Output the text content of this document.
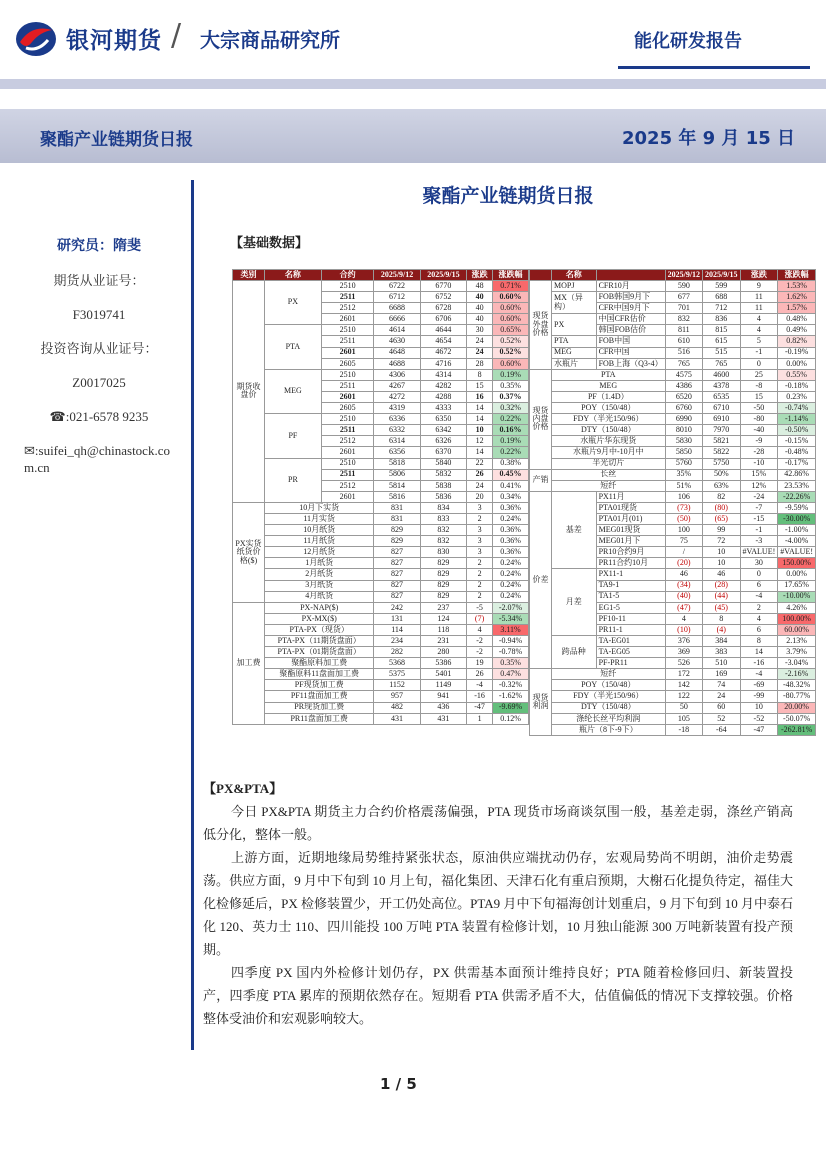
银河期货 / 大宗商品研究所	能化研发报告
聚酯产业链期货日报	2025 年 9 月 15 日
研究员：隋斐
期货从业证号：
F3019741
投资咨询从业证号：
Z0017025
☎:021-6578 9235
✉:suifei_qh@chinastock.com.cn
聚酯产业链期货日报
【基础数据】
类别	名称	合约	2025/9/12	2025/9/15	涨跌	涨跌幅
期货收盘价	PX	2510	6722	6770	48	0.71%
		2511	6712	6752	40	0.60%
		2512	6688	6728	40	0.60%
		2601	6666	6706	40	0.60%
	PTA	2510	4614	4644	30	0.65%
		2511	4630	4654	24	0.52%
		2601	4648	4672	24	0.52%
		2605	4688	4716	28	0.60%
	MEG	2510	4306	4314	8	0.19%
		2511	4267	4282	15	0.35%
		2601	4272	4288	16	0.37%
		2605	4319	4333	14	0.32%
	PF	2510	6336	6350	14	0.22%
		2511	6332	6342	10	0.16%
		2512	6314	6326	12	0.19%
		2601	6356	6370	14	0.22%
	PR	2510	5818	5840	22	0.38%
		2511	5806	5832	26	0.45%
		2512	5814	5838	24	0.41%
		2601	5816	5836	20	0.34%
PX实货纸货价格($)	10月下实货		831	834	3	0.36%
	11月实货		831	833	2	0.24%
	10月纸货		829	832	3	0.36%
	11月纸货		829	832	3	0.36%
	12月纸货		827	830	3	0.36%
	1月纸货		827	829	2	0.24%
	2月纸货		827	829	2	0.24%
	3月纸货		827	829	2	0.24%
	4月纸货		827	829	2	0.24%
加工费	PX-NAP($)		242	237	-5	-2.07%
	PX-MX($)		131	124	(7)	-5.34%
	PTA-PX（现货）		114	118	4	3.11%
	PTA-PX（11期货盘面）		234	231	-2	-0.94%
	PTA-PX（01期货盘面）		282	280	-2	-0.78%
	聚酯原料加工费		5368	5386	19	0.35%
	聚酯原料11盘面加工费		5375	5401	26	0.47%
	PF现货加工费		1152	1149	-4	-0.32%
	PF11盘面加工费		957	941	-16	-1.62%
	PR现货加工费		482	436	-47	-9.69%
	PR11盘面加工费		431	431	1	0.12%
	名称		2025/9/12	2025/9/15	涨跌	涨跌幅
现货外盘价格	MOPJ	CFR10月	590	599	9	1.53%
	MX（异构）	FOB韩国9月下	677	688	11	1.62%
		CFR中国9月下	701	712	11	1.57%
	PX	中国CFR估价	832	836	4	0.48%
		韩国FOB估价	811	815	4	0.49%
	PTA	FOB中国	610	615	5	0.82%
	MEG	CFR中国	516	515	-1	-0.19%
	水瓶片	FOB上海（Q3-4）	765	765	0	0.00%
现货内盘价格	PTA		4575	4600	25	0.55%
	MEG		4386	4378	-8	-0.18%
	PF（1.4D）		6520	6535	15	0.23%
	POY（150/48）		6760	6710	-50	-0.74%
	FDY（半光150/96）		6990	6910	-80	-1.14%
	DTY（150/48）		8010	7970	-40	-0.50%
	水瓶片华东现货		5830	5821	-9	-0.15%
	水瓶片9月中-10月中		5850	5822	-28	-0.48%
	半光切片		5760	5750	-10	-0.17%
产销	长丝		35%	50%	15%	42.86%
	短纤		51%	63%	12%	23.53%
价差	基差	PX11月	106	82	-24	-22.26%
		PTA01现货	(73)	(80)	-7	-9.59%
		PTA01月(01)	(50)	(65)	-15	-30.00%
		MEG01现货	100	99	-1	-1.00%
		MEG01月下	75	72	-3	-4.00%
		PR10合约9月	/	10	#VALUE!	#VALUE!
		PR11合约10月	(20)	10	30	150.00%
	月差	PX11-1	46	46	0	0.00%
		TA9-1	(34)	(28)	6	17.65%
		TA1-5	(40)	(44)	-4	-10.00%
		EG1-5	(47)	(45)	2	4.26%
		PF10-11	4	8	4	100.00%
		PR11-1	(10)	(4)	6	60.00%
	跨品种	TA-EG01	376	384	8	2.13%
		TA-EG05	369	383	14	3.79%
		PF-PR11	526	510	-16	-3.04%
现货利润	短纤		172	169	-4	-2.16%
	POY（150/48）		142	74	-69	-48.32%
	FDY（半光150/96）		122	24	-99	-80.77%
	DTY（150/48）		50	60	10	20.00%
	涤纶长丝平均利润		105	52	-52	-50.07%
	瓶片（8下-9下）		-18	-64	-47	-262.81%

【PX&PTA】

今日 PX&PTA 期货主力合约价格震荡偏强，PTA 现货市场商谈氛围一般，基差走弱，涤丝产销高低分化，整体一般。

上游方面，近期地缘局势维持紧张状态，原油供应端扰动仍存，宏观局势尚不明朗，油价走势震荡。供应方面，9 月中下旬到 10 月上旬，福化集团、天津石化有重启预期，大榭石化提负待定，福佳大化检修延后，PX 检修装置少，开工仍处高位。PTA9 月中下旬福海创计划重启，9 月下旬到 10 月中泰石化 120、英力士 110、四川能投 100 万吨 PTA 装置有检修计划，10 月独山能源 300 万吨新装置有投产预期。

四季度 PX 国内外检修计划仍存，PX 供需基本面预计维持良好；PTA 随着检修回归、新装置投产，四季度 PTA 累库的预期依然存在。短期看 PTA 供需矛盾不大，估值偏低的情况下支撑较强。价格整体受油价和宏观影响较大。

1 / 5
